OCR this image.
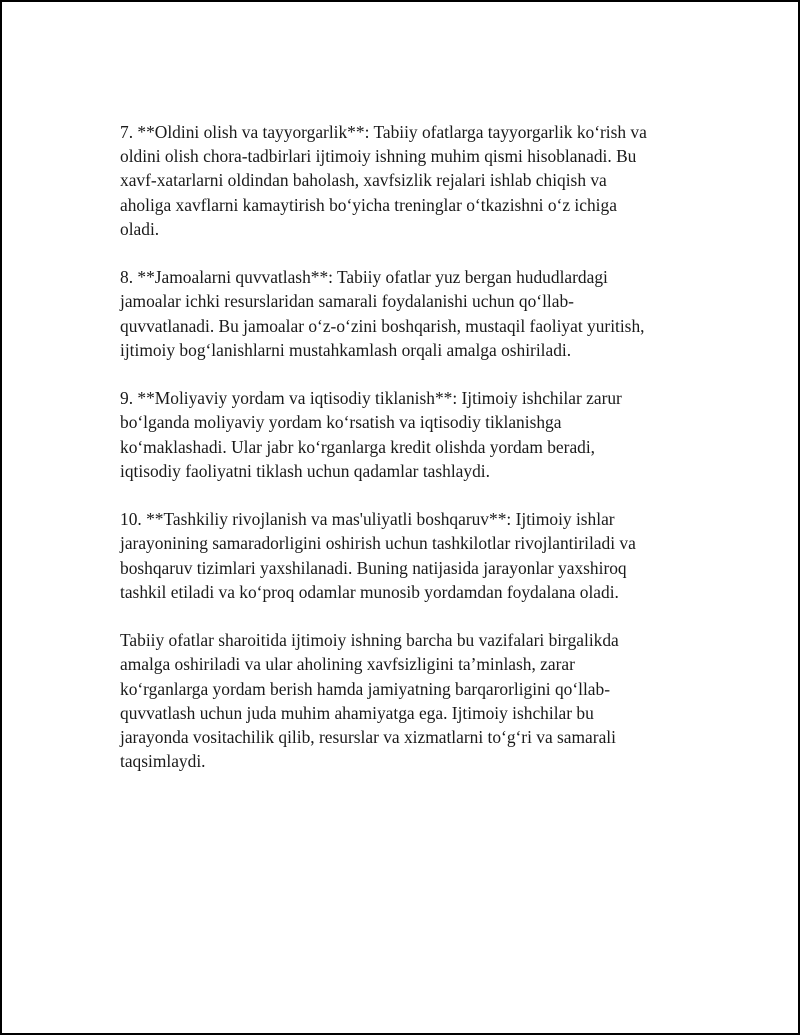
7. **Oldini olish va tayyorgarlik**: Tabiiy ofatlarga tayyorgarlik ko‘rish va oldini olish chora-tadbirlari ijtimoiy ishning muhim qismi hisoblanadi. Bu xavf-xatarlarni oldindan baholash, xavfsizlik rejalari ishlab chiqish va aholiga xavflarni kamaytirish bo‘yicha treninglar o‘tkazishni o‘z ichiga oladi.

8. **Jamoalarni quvvatlash**: Tabiiy ofatlar yuz bergan hududlardagi jamoalar ichki resurslaridan samarali foydalanishi uchun qo‘llab-quvvatlanadi. Bu jamoalar o‘z-o‘zini boshqarish, mustaqil faoliyat yuritish, ijtimoiy bog‘lanishlarni mustahkamlash orqali amalga oshiriladi.

9. **Moliyaviy yordam va iqtisodiy tiklanish**: Ijtimoiy ishchilar zarur bo‘lganda moliyaviy yordam ko‘rsatish va iqtisodiy tiklanishga ko‘maklashadi. Ular jabr ko‘rganlarga kredit olishda yordam beradi, iqtisodiy faoliyatni tiklash uchun qadamlar tashlaydi.

10. **Tashkiliy rivojlanish va mas'uliyatli boshqaruv**: Ijtimoiy ishlar jarayonining samaradorligini oshirish uchun tashkilotlar rivojlantiriladi va boshqaruv tizimlari yaxshilanadi. Buning natijasida jarayonlar yaxshiroq tashkil etiladi va ko‘proq odamlar munosib yordamdan foydalana oladi.

Tabiiy ofatlar sharoitida ijtimoiy ishning barcha bu vazifalari birgalikda amalga oshiriladi va ular aholining xavfsizligini ta’minlash, zarar ko‘rganlarga yordam berish hamda jamiyatning barqarorligini qo‘llab-quvvatlash uchun juda muhim ahamiyatga ega. Ijtimoiy ishchilar bu jarayonda vositachilik qilib, resurslar va xizmatlarni to‘g‘ri va samarali taqsimlaydi.
